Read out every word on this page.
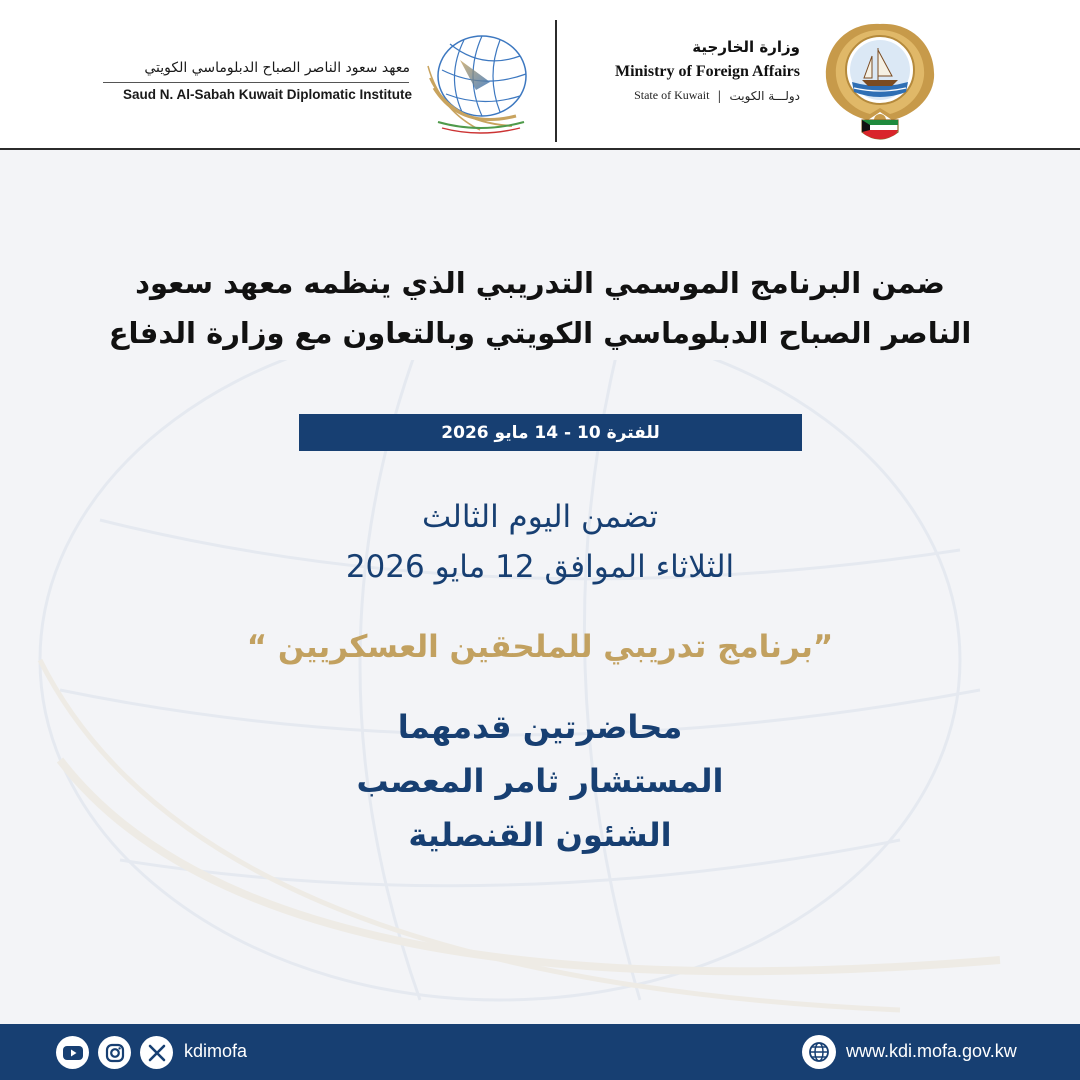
معهد سعود الناصر الصباح الدبلوماسي الكويتي
Saud N. Al-Sabah Kuwait Diplomatic Institute
وزارة الخارجية
Ministry of Foreign Affairs
State of Kuwait | دولـــة الكويت
ضمن البرنامج الموسمي التدريبي الذي ينظمه معهد سعود
الناصر الصباح الدبلوماسي الكويتي وبالتعاون مع وزارة الدفاع
للفترة 10 - 14 مايو 2026
تضمن اليوم الثالث
الثلاثاء الموافق 12 مايو 2026
”برنامج تدريبي للملحقين العسكريين “
محاضرتين قدمهما
المستشار ثامر المعصب
الشئون القنصلية
kdimofa	www.kdi.mofa.gov.kw
